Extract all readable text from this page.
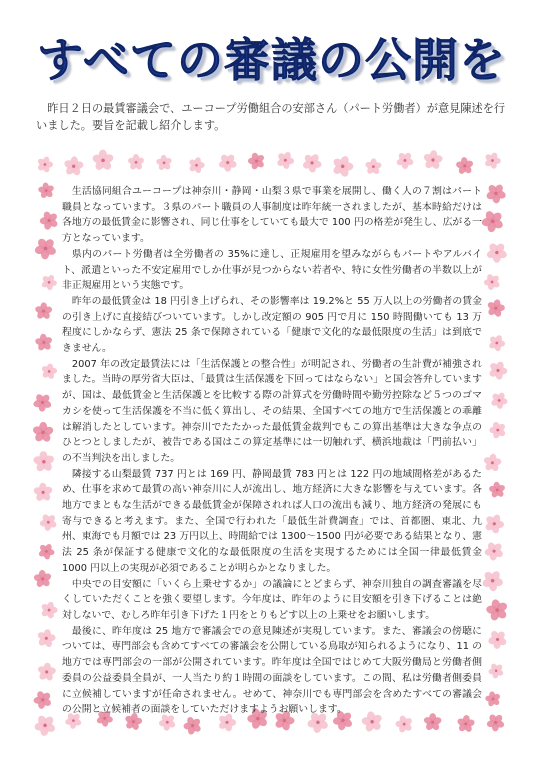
すべての審議の公開を

昨日２日の最賃審議会で、ユーコープ労働組合の安部さん（パート労働者）が意見陳述を行いました。要旨を記載し紹介します。

生活協同組合ユーコープは神奈川・静岡・山梨３県で事業を展開し、働く人の７割はパート職員となっています。３県のパート職員の人事制度は昨年統一されましたが、基本時給だけは各地方の最低賃金に影響され、同じ仕事をしていても最大で 100 円の格差が発生し、広がる一方となっています。

県内のパート労働者は全労働者の 35%に達し、正規雇用を望みながらもパートやアルバイト、派遣といった不安定雇用でしか仕事が見つからない若者や、特に女性労働者の半数以上が非正規雇用という実態です。

昨年の最低賃金は 18 円引き上げられ、その影響率は 19.2%と 55 万人以上の労働者の賃金の引き上げに直接結びついています。しかし改定額の 905 円で月に 150 時間働いても 13 万程度にしかならず、憲法 25 条で保障されている「健康で文化的な最低限度の生活」は到底できません。

2007 年の改定最賃法には「生活保護との整合性」が明記され、労働者の生計費が補強されました。当時の厚労省大臣は、「最賃は生活保護を下回ってはならない」と国会答弁していますが、国は、最低賃金と生活保護とを比較する際の計算式を労働時間や勤労控除など５つのゴマカシを使って生活保護を不当に低く算出し、その結果、全国すべての地方で生活保護との乖離は解消したとしています。神奈川でたたかった最低賃金裁判でもこの算出基準は大きな争点のひとつとしましたが、被告である国はこの算定基準には一切触れず、横浜地裁は「門前払い」の不当判決を出しました。

隣接する山梨最賃 737 円とは 169 円、静岡最賃 783 円とは 122 円の地域間格差があるため、仕事を求めて最賃の高い神奈川に人が流出し、地方経済に大きな影響を与えています。各地方でまともな生活ができる最低賃金が保障されれば人口の流出も減り、地方経済の発展にも寄与できると考えます。また、全国で行われた「最低生計費調査」では、首都圏、東北、九州、東海でも月額では 23 万円以上、時間給では 1300～1500 円が必要である結果となり、憲法 25 条が保証する健康で文化的な最低限度の生活を実現するためには全国一律最低賃金 1000 円以上の実現が必須であることが明らかとなりました。

中央での目安額に「いくら上乗せするか」の議論にとどまらず、神奈川独自の調査審議を尽くしていただくことを強く要望します。今年度は、昨年のように目安額を引き下げることは絶対しないで、むしろ昨年引き下げた１円をとりもどす以上の上乗せをお願いします。

最後に、昨年度は 25 地方で審議会での意見陳述が実現しています。また、審議会の傍聴については、専門部会も含めてすべての審議会を公開している鳥取が知られるようになり、11 の地方では専門部会の一部が公開されています。昨年度は全国ではじめて大阪労働局と労働者側委員の公益委員全員が、一人当たり約１時間の面談をしています。この間、私は労働者側委員に立候補していますが任命されません。せめて、神奈川でも専門部会を含めたすべての審議会の公開と立候補者の面談をしていただけますようお願いします。
